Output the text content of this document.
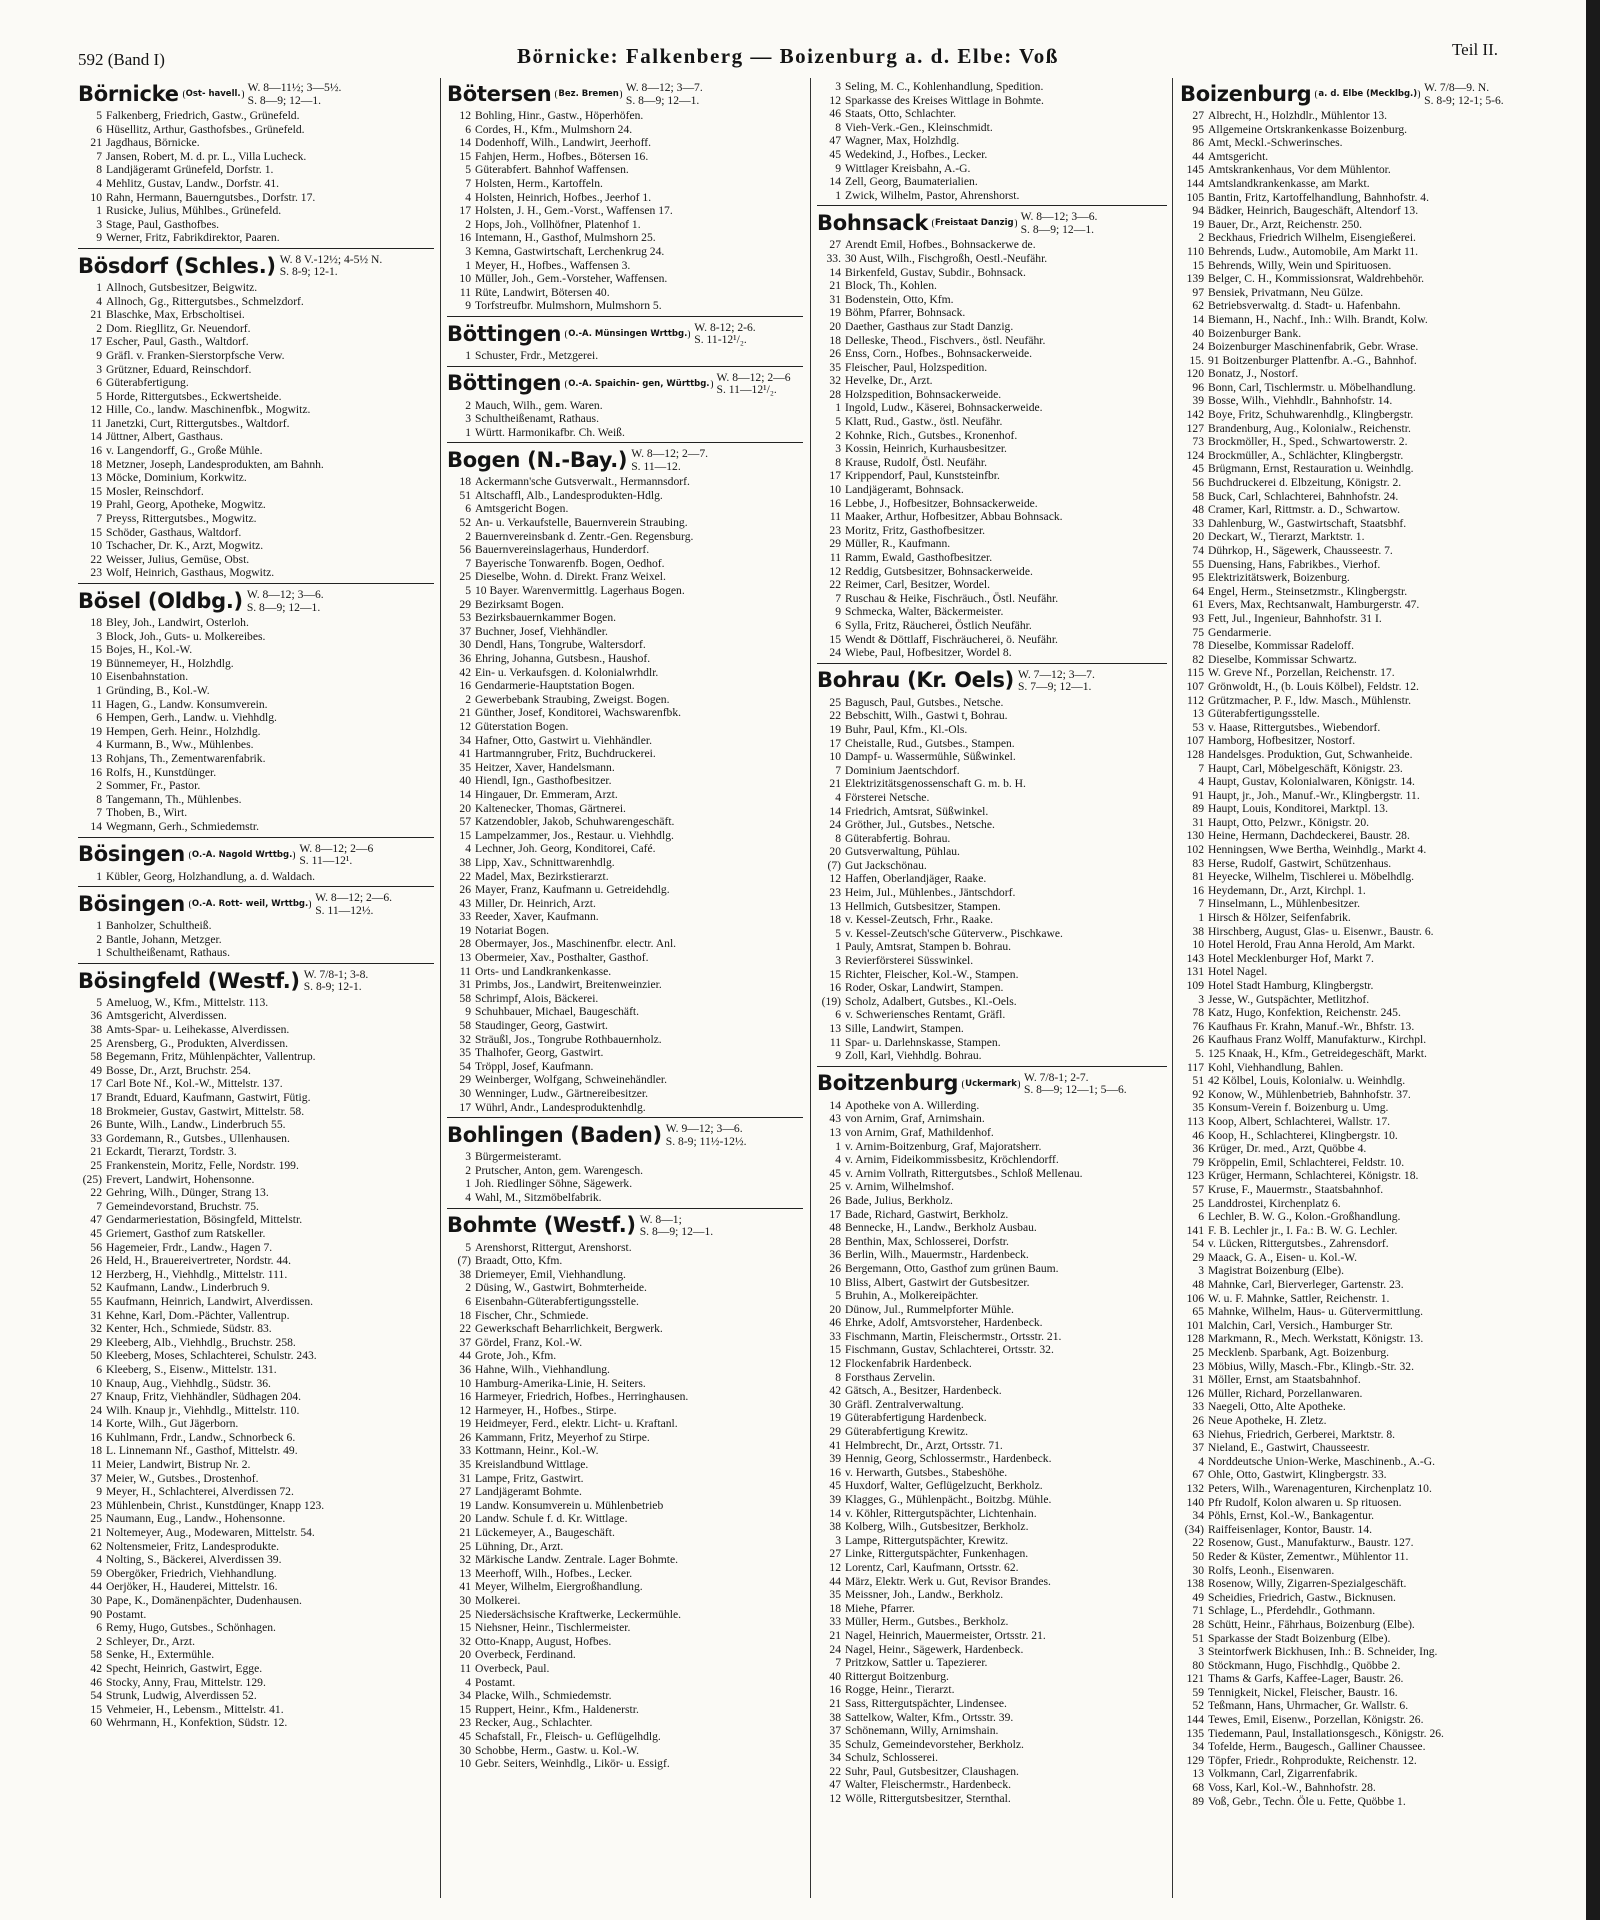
592 (Band I)	Börnicke: Falkenberg — Boizenburg a. d. Elbe: Voß	Teil II.
Börnicke Ost- havell. W. 8—11½; 3—5½.
S. 8—9; 12—1.
5 Falkenberg, Friedrich, Gastw., Grünefeld.
6 Hüsellitz, Arthur, Gasthofsbes., Grünefeld.
21 Jagdhaus, Börnicke.
7 Jansen, Robert, M. d. pr. L., Villa Lucheck.
8 Landjägeramt Grünefeld, Dorfstr. 1.
4 Mehlitz, Gustav, Landw., Dorfstr. 41.
10 Rahn, Hermann, Bauerngutsbes., Dorfstr. 17.
1 Rusicke, Julius, Mühlbes., Grünefeld.
3 Stage, Paul, Gasthofbes.
9 Werner, Fritz, Fabrikdirektor, Paaren.
Bösdorf (Schles.) W. 8 V.-12½; 4-5½ N.
S. 8-9; 12-1.
1 Allnoch, Gutsbesitzer, Beigwitz.
4 Allnoch, Gg., Rittergutsbes., Schmelzdorf.
21 Blaschke, Max, Erbscholtisei.
2 Dom. Riegllitz, Gr. Neuendorf.
17 Escher, Paul, Gasth., Waltdorf.
9 Gräfl. v. Franken-Sierstorpfsche Verw.
3 Grützner, Eduard, Reinschdorf.
6 Güterabfertigung.
5 Horde, Rittergutsbes., Eckwertsheide.
12 Hille, Co., landw. Maschinenfbk., Mogwitz.
11 Janetzki, Curt, Rittergutsbes., Waltdorf.
14 Jüttner, Albert, Gasthaus.
16 v. Langendorff, G., Große Mühle.
18 Metzner, Joseph, Landesprodukten, am Bahnh.
13 Möcke, Dominium, Korkwitz.
15 Mosler, Reinschdorf.
19 Prahl, Georg, Apotheke, Mogwitz.
7 Preyss, Rittergutsbes., Mogwitz.
15 Schöder, Gasthaus, Waltdorf.
10 Tschacher, Dr. K., Arzt, Mogwitz.
22 Weisser, Julius, Gemüse, Obst.
23 Wolf, Heinrich, Gasthaus, Mogwitz.
Bösel (Oldbg.) W. 8—12; 3—6.
S. 8—9; 12—1.
18 Bley, Joh., Landwirt, Osterloh.
3 Block, Joh., Guts- u. Molkereibes.
15 Bojes, H., Kol.-W.
19 Bünnemeyer, H., Holzhdlg.
10 Eisenbahnstation.
1 Gründing, B., Kol.-W.
11 Hagen, G., Landw. Konsumverein.
6 Hempen, Gerh., Landw. u. Viehhdlg.
19 Hempen, Gerh. Heinr., Holzhdlg.
4 Kurmann, B., Ww., Mühlenbes.
13 Rohjans, Th., Zementwarenfabrik.
16 Rolfs, H., Kunstdünger.
2 Sommer, Fr., Pastor.
8 Tangemann, Th., Mühlenbes.
7 Thoben, B., Wirt.
14 Wegmann, Gerh., Schmiedemstr.
Bösingen O.-A. Nagold Wrttbg. W. 8—12; 2—6
S. 11—12¹.
1 Kübler, Georg, Holzhandlung, a. d. Waldach.
Bösingen O.-A. Rott- weil, Wrttbg. W. 8—12; 2—6.
S. 11—12½.
1 Banholzer, Schultheiß.
2 Bantle, Johann, Metzger.
1 Schultheißenamt, Rathaus.
Bösingfeld (Westf.) W. 7/8-1; 3-8.
S. 8-9; 12-1.
5 Ameluog, W., Kfm., Mittelstr. 113.
36 Amtsgericht, Alverdissen.
38 Amts-Spar- u. Leihekasse, Alverdissen.
25 Arensberg, G., Produkten, Alverdissen.
58 Begemann, Fritz, Mühlenpächter, Vallentrup.
49 Bosse, Dr., Arzt, Bruchstr. 254.
17 Carl Bote Nf., Kol.-W., Mittelstr. 137.
17 Brandt, Eduard, Kaufmann, Gastwirt, Fütig.
18 Brokmeier, Gustav, Gastwirt, Mittelstr. 58.
26 Bunte, Wilh., Landw., Linderbruch 55.
33 Gordemann, R., Gutsbes., Ullenhausen.
21 Eckardt, Tierarzt, Tordstr. 3.
25 Frankenstein, Moritz, Felle, Nordstr. 199.
(25) Frevert, Landwirt, Hohensonne.
22 Gehring, Wilh., Dünger, Strang 13.
7 Gemeindevorstand, Bruchstr. 75.
47 Gendarmeriestation, Bösingfeld, Mittelstr.
45 Griemert, Gasthof zum Ratskeller.
56 Hagemeier, Frdr., Landw., Hagen 7.
26 Held, H., Brauereivertreter, Nordstr. 44.
12 Herzberg, H., Viehhdlg., Mittelstr. 111.
52 Kaufmann, Landw., Linderbruch 9.
55 Kaufmann, Heinrich, Landwirt, Alverdissen.
31 Kehne, Karl, Dom.-Pächter, Vallentrup.
32 Kenter, Hch., Schmiede, Südstr. 83.
29 Kleeberg, Alb., Viehhdlg., Bruchstr. 258.
50 Kleeberg, Moses, Schlachterei, Schulstr. 243.
6 Kleeberg, S., Eisenw., Mittelstr. 131.
10 Knaup, Aug., Viehhdlg., Südstr. 36.
27 Knaup, Fritz, Viehhändler, Südhagen 204.
24 Wilh. Knaup jr., Viehhdlg., Mittelstr. 110.
14 Korte, Wilh., Gut Jägerborn.
16 Kuhlmann, Frdr., Landw., Schnorbeck 6.
18 L. Linnemann Nf., Gasthof, Mittelstr. 49.
11 Meier, Landwirt, Bistrup Nr. 2.
37 Meier, W., Gutsbes., Drostenhof.
9 Meyer, H., Schlachterei, Alverdissen 72.
23 Mühlenbein, Christ., Kunstdünger, Knapp 123.
25 Naumann, Eug., Landw., Hohensonne.
21 Noltemeyer, Aug., Modewaren, Mittelstr. 54.
62 Noltensmeier, Fritz, Landesprodukte.
4 Nolting, S., Bäckerei, Alverdissen 39.
59 Obergöker, Friedrich, Viehhandlung.
44 Oerjöker, H., Hauderei, Mittelstr. 16.
30 Pape, K., Domänenpächter, Dudenhausen.
90 Postamt.
6 Remy, Hugo, Gutsbes., Schönhagen.
2 Schleyer, Dr., Arzt.
58 Senke, H., Extermühle.
42 Specht, Heinrich, Gastwirt, Egge.
46 Stocky, Anny, Frau, Mittelstr. 129.
54 Strunk, Ludwig, Alverdissen 52.
15 Vehmeier, H., Lebensm., Mittelstr. 41.
60 Wehrmann, H., Konfektion, Südstr. 12.
Bötersen Bez. Bremen W. 8—12; 3—7.
S. 8—9; 12—1.
12 Bohling, Hinr., Gastw., Höperhöfen.
6 Cordes, H., Kfm., Mulmshorn 24.
14 Dodenhoff, Wilh., Landwirt, Jeerhoff.
15 Fahjen, Herm., Hofbes., Bötersen 16.
5 Güterabfert. Bahnhof Waffensen.
7 Holsten, Herm., Kartoffeln.
4 Holsten, Heinrich, Hofbes., Jeerhof 1.
17 Holsten, J. H., Gem.-Vorst., Waffensen 17.
2 Hops, Joh., Vollhöfner, Platenhof 1.
16 Intemann, H., Gasthof, Mulmshorn 25.
3 Kemna, Gastwirtschaft, Lerchenkrug 24.
1 Meyer, H., Hofbes., Waffensen 3.
10 Müller, Joh., Gem.-Vorsteher, Waffensen.
11 Rüte, Landwirt, Bötersen 40.
9 Torfstreufbr. Mulmshorn, Mulmshorn 5.
Böttingen O.-A. Münsingen Wrttbg. W. 8-12; 2-6.
S. 11-12¹/₂.
1 Schuster, Frdr., Metzgerei.
Böttingen O.-A. Spaichin- gen, Württbg. W. 8—12; 2—6
S. 11—12¹/₂.
2 Mauch, Wilh., gem. Waren.
3 Schultheißenamt, Rathaus.
1 Württ. Harmonikafbr. Ch. Weiß.
Bogen (N.-Bay.) W. 8—12; 2—7.
S. 11—12.
18 Ackermann'sche Gutsverwalt., Hermannsdorf.
51 Altschaffl, Alb., Landesprodukten-Hdlg.
6 Amtsgericht Bogen.
52 An- u. Verkaufstelle, Bauernverein Straubing.
2 Bauernvereinsbank d. Zentr.-Gen. Regensburg.
56 Bauernvereinslagerhaus, Hunderdorf.
7 Bayerische Tonwarenfb. Bogen, Oedhof.
25 Dieselbe, Wohn. d. Direkt. Franz Weixel.
5 10 Bayer. Warenvermittlg. Lagerhaus Bogen.
29 Bezirksamt Bogen.
53 Bezirksbauernkammer Bogen.
37 Buchner, Josef, Viehhändler.
30 Dendl, Hans, Tongrube, Waltersdorf.
36 Ehring, Johanna, Gutsbesn., Haushof.
42 Ein- u. Verkaufsgen. d. Kolonialwrhdlr.
16 Gendarmerie-Hauptstation Bogen.
2 Gewerbebank Straubing, Zweigst. Bogen.
21 Günther, Josef, Konditorei, Wachswarenfbk.
12 Güterstation Bogen.
34 Hafner, Otto, Gastwirt u. Viehhändler.
41 Hartmanngruber, Fritz, Buchdruckerei.
35 Heitzer, Xaver, Handelsmann.
40 Hiendl, Ign., Gasthofbesitzer.
14 Hingauer, Dr. Emmeram, Arzt.
20 Kaltenecker, Thomas, Gärtnerei.
57 Katzendobler, Jakob, Schuhwarengeschäft.
15 Lampelzammer, Jos., Restaur. u. Viehhdlg.
4 Lechner, Joh. Georg, Konditorei, Café.
38 Lipp, Xav., Schnittwarenhdlg.
22 Madel, Max, Bezirkstierarzt.
26 Mayer, Franz, Kaufmann u. Getreidehdlg.
43 Miller, Dr. Heinrich, Arzt.
33 Reeder, Xaver, Kaufmann.
19 Notariat Bogen.
28 Obermayer, Jos., Maschinenfbr. electr. Anl.
13 Obermeier, Xav., Posthalter, Gasthof.
11 Orts- und Landkrankenkasse.
31 Primbs, Jos., Landwirt, Breitenweinzier.
58 Schrimpf, Alois, Bäckerei.
9 Schuhbauer, Michael, Baugeschäft.
58 Staudinger, Georg, Gastwirt.
32 Sträußl, Jos., Tongrube Rothbauernholz.
35 Thalhofer, Georg, Gastwirt.
54 Tröppl, Josef, Kaufmann.
29 Weinberger, Wolfgang, Schweinehändler.
30 Wenninger, Ludw., Gärtnereibesitzer.
17 Wührl, Andr., Landesproduktenhdlg.
Bohlingen (Baden) W. 9—12; 3—6.
S. 8-9; 11½-12½.
3 Bürgermeisteramt.
2 Prutscher, Anton, gem. Warengesch.
1 Joh. Riedlinger Söhne, Sägewerk.
4 Wahl, M., Sitzmöbelfabrik.
Bohmte (Westf.) W. 8—1;
S. 8—9; 12—1.
5 Arenshorst, Rittergut, Arenshorst.
(7) Braadt, Otto, Kfm.
38 Driemeyer, Emil, Viehhandlung.
2 Düsing, W., Gastwirt, Bohmterheide.
6 Eisenbahn-Güterabfertigungsstelle.
18 Fischer, Chr., Schmiede.
22 Gewerkschaft Beharrlichkeit, Bergwerk.
37 Gördel, Franz, Kol.-W.
44 Grote, Joh., Kfm.
36 Hahne, Wilh., Viehhandlung.
10 Hamburg-Amerika-Linie, H. Seiters.
16 Harmeyer, Friedrich, Hofbes., Herringhausen.
12 Harmeyer, H., Hofbes., Stirpe.
19 Heidmeyer, Ferd., elektr. Licht- u. Kraftanl.
26 Kammann, Fritz, Meyerhof zu Stirpe.
33 Kottmann, Heinr., Kol.-W.
35 Kreislandbund Wittlage.
31 Lampe, Fritz, Gastwirt.
27 Landjägeramt Bohmte.
19 Landw. Konsumverein u. Mühlenbetrieb
20 Landw. Schule f. d. Kr. Wittlage.
21 Lückemeyer, A., Baugeschäft.
25 Lühning, Dr., Arzt.
32 Märkische Landw. Zentrale. Lager Bohmte.
13 Meerhoff, Wilh., Hofbes., Lecker.
41 Meyer, Wilhelm, Eiergroßhandlung.
30 Molkerei.
25 Niedersächsische Kraftwerke, Leckermühle.
15 Niehsner, Heinr., Tischlermeister.
32 Otto-Knapp, August, Hofbes.
20 Overbeck, Ferdinand.
11 Overbeck, Paul.
4 Postamt.
34 Placke, Wilh., Schmiedemstr.
15 Ruppert, Heinr., Kfm., Haldenerstr.
23 Recker, Aug., Schlachter.
45 Schafstall, Fr., Fleisch- u. Geflügelhdlg.
30 Schobbe, Herm., Gastw. u. Kol.-W.
10 Gebr. Seiters, Weinhdlg., Likör- u. Essigf.
3 Seling, M. C., Kohlenhandlung, Spedition.
12 Sparkasse des Kreises Wittlage in Bohmte.
46 Staats, Otto, Schlachter.
8 Vieh-Verk.-Gen., Kleinschmidt.
47 Wagner, Max, Holzhdlg.
45 Wedekind, J., Hofbes., Lecker.
9 Wittlager Kreisbahn, A.-G.
14 Zell, Georg, Baumaterialien.
1 Zwick, Wilhelm, Pastor, Ahrenshorst.
Bohnsack Freistaat Danzig W. 8—12; 3—6.
S. 8—9; 12—1.
27 Arendt Emil, Hofbes., Bohnsackerwe de.
33. 30 Aust, Wilh., Fischgroßh, Oestl.-Neufähr.
14 Birkenfeld, Gustav, Subdir., Bohnsack.
21 Block, Th., Kohlen.
31 Bodenstein, Otto, Kfm.
19 Böhm, Pfarrer, Bohnsack.
20 Daether, Gasthaus zur Stadt Danzig.
18 Delleske, Theod., Fischvers., östl. Neufähr.
26 Enss, Corn., Hofbes., Bohnsackerweide.
35 Fleischer, Paul, Holzspedition.
32 Hevelke, Dr., Arzt.
28 Holzspedition, Bohnsackerweide.
1 Ingold, Ludw., Käserei, Bohnsackerweide.
5 Klatt, Rud., Gastw., östl. Neufähr.
2 Kohnke, Rich., Gutsbes., Kronenhof.
3 Kossin, Heinrich, Kurhausbesitzer.
8 Krause, Rudolf, Östl. Neufähr.
17 Krippendorf, Paul, Kunststeinfbr.
10 Landjägeramt, Bohnsack.
16 Lebbe, J., Hofbesitzer, Bohnsackerweide.
11 Maaker, Arthur, Hofbesitzer, Abbau Bohnsack.
23 Moritz, Fritz, Gasthofbesitzer.
29 Müller, R., Kaufmann.
11 Ramm, Ewald, Gasthofbesitzer.
12 Reddig, Gutsbesitzer, Bohnsackerweide.
22 Reimer, Carl, Besitzer, Wordel.
7 Ruschau & Heike, Fischräuch., Östl. Neufähr.
9 Schmecka, Walter, Bäckermeister.
6 Sylla, Fritz, Räucherei, Östlich Neufähr.
15 Wendt & Döttlaff, Fischräucherei, ö. Neufähr.
24 Wiebe, Paul, Hofbesitzer, Wordel 8.
Bohrau (Kr. Oels) W. 7—12; 3—7.
S. 7—9; 12—1.
25 Bagusch, Paul, Gutsbes., Netsche.
22 Bebschitt, Wilh., Gastwi t, Bohrau.
19 Buhr, Paul, Kfm., Kl.-Ols.
17 Cheistalle, Rud., Gutsbes., Stampen.
10 Dampf- u. Wassermühle, Süßwinkel.
7 Dominium Jaentschdorf.
21 Elektrizitätsgenossenschaft G. m. b. H.
4 Försterei Netsche.
14 Friedrich, Amtsrat, Süßwinkel.
24 Gröther, Jul., Gutsbes., Netsche.
8 Güterabfertig. Bohrau.
20 Gutsverwaltung, Pühlau.
(7) Gut Jackschönau.
12 Haffen, Oberlandjäger, Raake.
23 Heim, Jul., Mühlenbes., Jäntschdorf.
13 Hellmich, Gutsbesitzer, Stampen.
18 v. Kessel-Zeutsch, Frhr., Raake.
5 v. Kessel-Zeutsch'sche Güterverw., Pischkawe.
1 Pauly, Amtsrat, Stampen b. Bohrau.
3 Revierförsterei Süsswinkel.
15 Richter, Fleischer, Kol.-W., Stampen.
16 Roder, Oskar, Landwirt, Stampen.
(19) Scholz, Adalbert, Gutsbes., Kl.-Oels.
6 v. Schweriensches Rentamt, Gräfl.
13 Sille, Landwirt, Stampen.
11 Spar- u. Darlehnskasse, Stampen.
9 Zoll, Karl, Viehhdlg. Bohrau.
Boitzenburg Uckermark W. 7/8-1; 2-7.
S. 8—9; 12—1; 5—6.
14 Apotheke von A. Willerding.
43 von Arnim, Graf, Arnimshain.
13 von Arnim, Graf, Mathildenhof.
1 v. Arnim-Boitzenburg, Graf, Majoratsherr.
4 v. Arnim, Fideikommissbesitz, Kröchlendorff.
45 v. Arnim Vollrath, Rittergutsbes., Schloß Mellenau.
25 v. Arnim, Wilhelmshof.
26 Bade, Julius, Berkholz.
17 Bade, Richard, Gastwirt, Berkholz.
48 Bennecke, H., Landw., Berkholz Ausbau.
28 Benthin, Max, Schlosserei, Dorfstr.
36 Berlin, Wilh., Mauermstr., Hardenbeck.
26 Bergemann, Otto, Gasthof zum grünen Baum.
10 Bliss, Albert, Gastwirt der Gutsbesitzer.
5 Bruhin, A., Molkereipächter.
20 Dünow, Jul., Rummelpforter Mühle.
46 Ehrke, Adolf, Amtsvorsteher, Hardenbeck.
33 Fischmann, Martin, Fleischermstr., Ortsstr. 21.
15 Fischmann, Gustav, Schlachterei, Ortsstr. 32.
12 Flockenfabrik Hardenbeck.
8 Forsthaus Zervelin.
42 Gätsch, A., Besitzer, Hardenbeck.
30 Gräfl. Zentralverwaltung.
19 Güterabfertigung Hardenbeck.
29 Güterabfertigung Krewitz.
41 Helmbrecht, Dr., Arzt, Ortsstr. 71.
39 Hennig, Georg, Schlossermstr., Hardenbeck.
16 v. Herwarth, Gutsbes., Stabeshöhe.
45 Huxdorf, Walter, Geflügelzucht, Berkholz.
39 Klagges, G., Mühlenpächt., Boitzbg. Mühle.
14 v. Köhler, Rittergutspächter, Lichtenhain.
38 Kolberg, Wilh., Gutsbesitzer, Berkholz.
3 Lampe, Rittergutspächter, Krewitz.
27 Linke, Rittergutspächter, Funkenhagen.
12 Lorentz, Carl, Kaufmann, Ortsstr. 62.
44 März, Elektr. Werk u. Gut, Revisor Brandes.
35 Meissner, Joh., Landw., Berkholz.
18 Miehe, Pfarrer.
33 Müller, Herm., Gutsbes., Berkholz.
21 Nagel, Heinrich, Mauermeister, Ortsstr. 21.
24 Nagel, Heinr., Sägewerk, Hardenbeck.
7 Pritzkow, Sattler u. Tapezierer.
40 Rittergut Boitzenburg.
16 Rogge, Heinr., Tierarzt.
21 Sass, Rittergutspächter, Lindensee.
38 Sattelkow, Walter, Kfm., Ortsstr. 39.
37 Schönemann, Willy, Arnimshain.
35 Schulz, Gemeindevorsteher, Berkholz.
34 Schulz, Schlosserei.
22 Suhr, Paul, Gutsbesitzer, Claushagen.
47 Walter, Fleischermstr., Hardenbeck.
12 Wölle, Rittergutsbesitzer, Sternthal.
Boizenburg a. d. Elbe (Mecklbg.) W. 7/8—9. N.
S. 8-9; 12-1; 5-6.
27 Albrecht, H., Holzhdlr., Mühlentor 13.
95 Allgemeine Ortskrankenkasse Boizenburg.
86 Amt, Meckl.-Schwerinsches.
44 Amtsgericht.
145 Amtskrankenhaus, Vor dem Mühlentor.
144 Amtslandkrankenkasse, am Markt.
105 Bantin, Fritz, Kartoffelhandlung, Bahnhofstr. 4.
94 Bädker, Heinrich, Baugeschäft, Altendorf 13.
19 Bauer, Dr., Arzt, Reichenstr. 250.
2 Beckhaus, Friedrich Wilhelm, Eisengießerei.
110 Behrends, Ludw., Automobile, Am Markt 11.
15 Behrends, Willy, Wein und Spirituosen.
139 Belger, C. H., Kommissionsrat, Waldrehbehör.
97 Bensiek, Privatmann, Neu Gülze.
62 Betriebsverwaltg. d. Stadt- u. Hafenbahn.
14 Biemann, H., Nachf., Inh.: Wilh. Brandt, Kolw.
40 Boizenburger Bank.
24 Boizenburger Maschinenfabrik, Gebr. Wrase.
15. 91 Boitzenburger Plattenfbr. A.-G., Bahnhof.
120 Bonatz, J., Nostorf.
96 Bonn, Carl, Tischlermstr. u. Möbelhandlung.
39 Bosse, Wilh., Viehhdlr., Bahnhofstr. 14.
142 Boye, Fritz, Schuhwarenhdlg., Klingbergstr.
127 Brandenburg, Aug., Kolonialw., Reichenstr.
73 Brockmöller, H., Sped., Schwartowerstr. 2.
124 Brockmüller, A., Schlächter, Klingbergstr.
45 Brügmann, Ernst, Restauration u. Weinhdlg.
56 Buchdruckerei d. Elbzeitung, Königstr. 2.
58 Buck, Carl, Schlachterei, Bahnhofstr. 24.
48 Cramer, Karl, Rittmstr. a. D., Schwartow.
33 Dahlenburg, W., Gastwirtschaft, Staatsbhf.
20 Deckart, W., Tierarzt, Marktstr. 1.
74 Dührkop, H., Sägewerk, Chausseestr. 7.
55 Duensing, Hans, Fabrikbes., Vierhof.
95 Elektrizitätswerk, Boizenburg.
64 Engel, Herm., Steinsetzmstr., Klingbergstr.
61 Evers, Max, Rechtsanwalt, Hamburgerstr. 47.
93 Fett, Jul., Ingenieur, Bahnhofstr. 31 I.
75 Gendarmerie.
78 Dieselbe, Kommissar Radeloff.
82 Dieselbe, Kommissar Schwartz.
115 W. Greve Nf., Porzellan, Reichenstr. 17.
107 Grönwoldt, H., (b. Louis Kölbel), Feldstr. 12.
112 Grützmacher, P. F., ldw. Masch., Mühlenstr.
13 Güterabfertigungsstelle.
53 v. Haase, Rittergutsbes., Wiebendorf.
107 Hamborg, Hofbesitzer, Nostorf.
128 Handelsges. Produktion, Gut, Schwanheide.
7 Haupt, Carl, Möbelgeschäft, Königstr. 23.
4 Haupt, Gustav, Kolonialwaren, Königstr. 14.
91 Haupt, jr., Joh., Manuf.-Wr., Klingbergstr. 11.
89 Haupt, Louis, Konditorei, Marktpl. 13.
31 Haupt, Otto, Pelzwr., Königstr. 20.
130 Heine, Hermann, Dachdeckerei, Baustr. 28.
102 Henningsen, Wwe Bertha, Weinhdlg., Markt 4.
83 Herse, Rudolf, Gastwirt, Schützenhaus.
81 Heyecke, Wilhelm, Tischlerei u. Möbelhdlg.
16 Heydemann, Dr., Arzt, Kirchpl. 1.
7 Hinselmann, L., Mühlenbesitzer.
1 Hirsch & Hölzer, Seifenfabrik.
38 Hirschberg, August, Glas- u. Eisenwr., Baustr. 6.
10 Hotel Herold, Frau Anna Herold, Am Markt.
143 Hotel Mecklenburger Hof, Markt 7.
131 Hotel Nagel.
109 Hotel Stadt Hamburg, Klingbergstr.
3 Jesse, W., Gutspächter, Metlitzhof.
78 Katz, Hugo, Konfektion, Reichenstr. 245.
76 Kaufhaus Fr. Krahn, Manuf.-Wr., Bhfstr. 13.
26 Kaufhaus Franz Wolff, Manufakturw., Kirchpl.
5. 125 Knaak, H., Kfm., Getreidegeschäft, Markt.
117 Kohl, Viehhandlung, Bahlen.
51 42 Kölbel, Louis, Kolonialw. u. Weinhdlg.
92 Konow, W., Mühlenbetrieb, Bahnhofstr. 37.
35 Konsum-Verein f. Boizenburg u. Umg.
113 Koop, Albert, Schlachterei, Wallstr. 17.
46 Koop, H., Schlachterei, Klingbergstr. 10.
36 Krüger, Dr. med., Arzt, Quöbbe 4.
79 Kröppelin, Emil, Schlachterei, Feldstr. 10.
123 Krüger, Hermann, Schlachterei, Königstr. 18.
57 Kruse, F., Mauermstr., Staatsbahnhof.
25 Landdrostei, Kirchenplatz 6.
6 Lechler, B. W. G., Kolon.-Großhandlung.
141 F. B. Lechler jr., I. Fa.: B. W. G. Lechler.
54 v. Lücken, Rittergutsbes., Zahrensdorf.
29 Maack, G. A., Eisen- u. Kol.-W.
3 Magistrat Boizenburg (Elbe).
48 Mahnke, Carl, Bierverleger, Gartenstr. 23.
106 W. u. F. Mahnke, Sattler, Reichenstr. 1.
65 Mahnke, Wilhelm, Haus- u. Gütervermittlung.
101 Malchin, Carl, Versich., Hamburger Str.
128 Markmann, R., Mech. Werkstatt, Königstr. 13.
25 Mecklenb. Sparbank, Agt. Boizenburg.
23 Möbius, Willy, Masch.-Fbr., Klingb.-Str. 32.
31 Möller, Ernst, am Staatsbahnhof.
126 Müller, Richard, Porzellanwaren.
33 Naegeli, Otto, Alte Apotheke.
26 Neue Apotheke, H. Zletz.
63 Niehus, Friedrich, Gerberei, Marktstr. 8.
37 Nieland, E., Gastwirt, Chausseestr.
4 Norddeutsche Union-Werke, Maschinenb., A.-G.
67 Ohle, Otto, Gastwirt, Klingbergstr. 33.
132 Peters, Wilh., Warenagenturen, Kirchenplatz 10.
140 Pfr Rudolf, Kolon alwaren u. Sp rituosen.
34 Pöhls, Ernst, Kol.-W., Bankagentur.
(34) Raiffeisenlager, Kontor, Baustr. 14.
22 Rosenow, Gust., Manufakturw., Baustr. 127.
50 Reder & Küster, Zementwr., Mühlentor 11.
30 Rolfs, Leonh., Eisenwaren.
138 Rosenow, Willy, Zigarren-Spezialgeschäft.
49 Scheidies, Friedrich, Gastw., Bicknusen.
71 Schlage, L., Pferdehdlr., Gothmann.
28 Schütt, Heinr., Fährhaus, Boizenburg (Elbe).
51 Sparkasse der Stadt Boizenburg (Elbe).
3 Steintorfwerk Bickhusen, Inh.: B. Schneider, Ing.
80 Stöckmann, Hugo, Fischhdlg., Quöbbe 2.
121 Thams & Garfs, Kaffee-Lager, Baustr. 26.
59 Tennigkeit, Nickel, Fleischer, Baustr. 16.
52 Teßmann, Hans, Uhrmacher, Gr. Wallstr. 6.
144 Tewes, Emil, Eisenw., Porzellan, Königstr. 26.
135 Tiedemann, Paul, Installationsgesch., Königstr. 26.
34 Tofelde, Herm., Baugesch., Galliner Chaussee.
129 Töpfer, Friedr., Rohprodukte, Reichenstr. 12.
13 Volkmann, Carl, Zigarrenfabrik.
68 Voss, Karl, Kol.-W., Bahnhofstr. 28.
89 Voß, Gebr., Techn. Öle u. Fette, Quöbbe 1.
